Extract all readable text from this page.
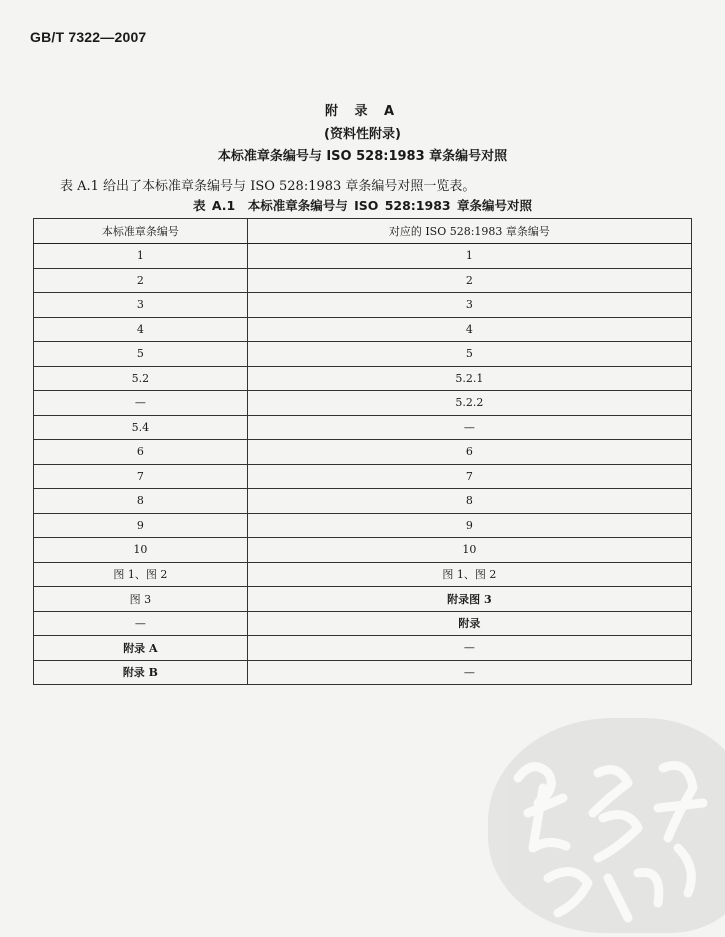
GB/T 7322—2007
附 录 A
(资料性附录)
本标准章条编号与 ISO 528:1983 章条编号对照
表 A.1 给出了本标准章条编号与 ISO 528:1983 章条编号对照一览表。
表 A.1　本标准章条编号与 ISO 528:1983 章条编号对照
本标准章条编号	对应的 ISO 528:1983 章条编号
1	1
2	2
3	3
4	4
5	5
5.2	5.2.1
—	5.2.2
5.4	—
6	6
7	7
8	8
9	9
10	10
图 1、图 2	图 1、图 2
图 3	附录图 3
—	附录
附录 A	—
附录 B	—
